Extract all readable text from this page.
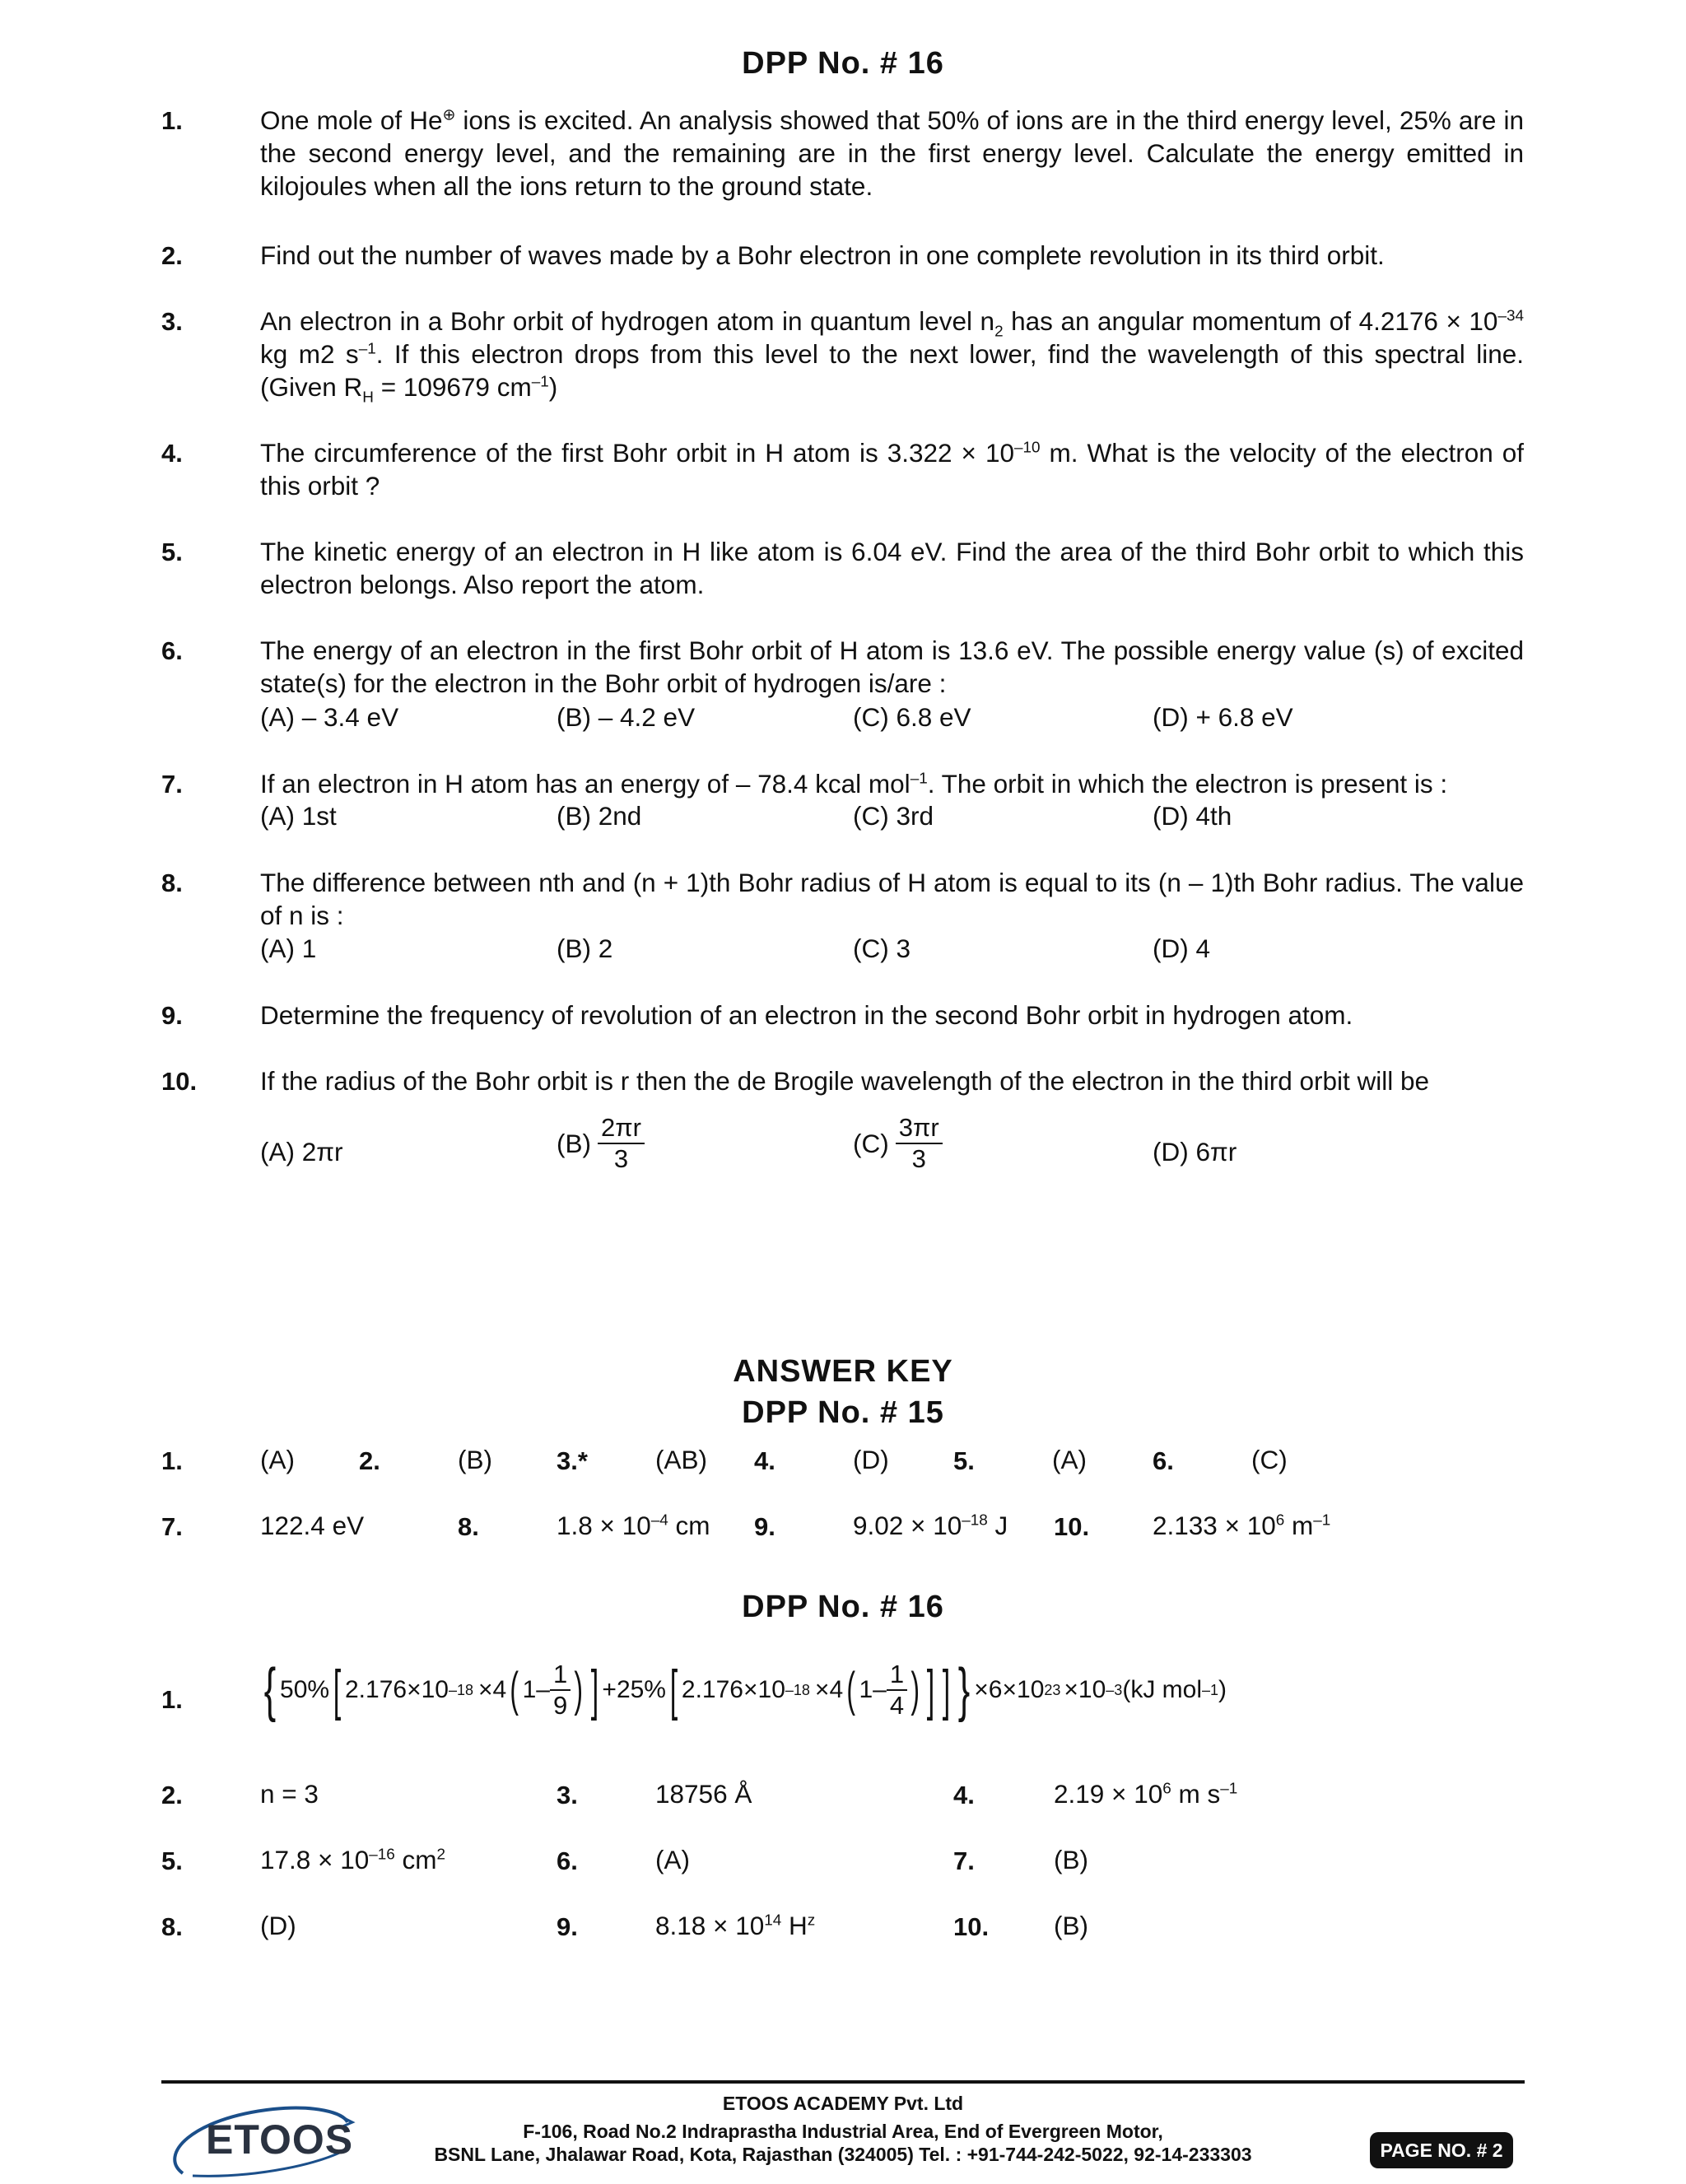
DPP No. # 16
1.	One mole of He⊕ ions is excited. An analysis showed that 50% of ions are in the third energy level, 25% are in the second energy level, and the remaining are in the first energy level. Calculate the energy emitted in kilojoules when all the ions return to the ground state.
2.	Find out the number of waves made by a Bohr electron in one complete revolution in its third orbit.
3.	An electron in a Bohr orbit of hydrogen atom in quantum level $n_2$ has an angular momentum of $4.2176 \times 10^{-34}$ kg m2 $s^{-1}$. If this electron drops from this level to the next lower, find the wavelength of this spectral line. (Given $R_H = 109679$ $cm^{-1}$)
4.	The circumference of the first Bohr orbit in H atom is $3.322 \times 10^{-10}$ m. What is the velocity of the electron of this orbit ?
5.	The kinetic energy of an electron in H like atom is 6.04 eV. Find the area of the third Bohr orbit to which this electron belongs. Also report the atom.
6.	The energy of an electron in the first Bohr orbit of H atom is 13.6 eV. The possible energy value (s) of excited state(s) for the electron in the Bohr orbit of hydrogen is/are :
(A) – 3.4 eV	(B) – 4.2 eV	(C) 6.8 eV	(D) + 6.8 eV
7.	If an electron in H atom has an energy of – 78.4 kcal mol$^{-1}$. The orbit in which the electron is present is :
(A) 1st	(B) 2nd	(C) 3rd	(D) 4th
8.	The difference between nth and (n + 1)th Bohr radius of H atom is equal to its (n – 1)th Bohr radius. The value of n is :
(A) 1	(B) 2	(C) 3	(D) 4
9.	Determine the frequency of revolution of an electron in the second Bohr orbit in hydrogen atom.
10. If the radius of the Bohr orbit is r then the de Brogile wavelength of the electron in the third orbit will be
(A) 2πr	$(B) \frac{2\pi r}{3}$	$(C) \frac{3\pi r}{3}$	(D) 6πr
ANSWER KEY
DPP No. # 15
1.	(A)	2.	(B)	3.*	(AB) 4.	(D)	5.	(A)	6.	(C)
7.	122.4 eV	8.	$1.8 \times 10^{-4}$ cm 9.	$9.02 \times 10^{-18}$ J 10. $2.133 \times 10^6$ $m^{-1}$
DPP No. # 16
1. { 50% [ 2.176 ×10 –18 ×4 ( $1- \frac{1}{9}$ ) ] +25% [ 2.176 ×10 –18 ×4 ( $1- \frac{1}{4}$ ) ] ] } ×6×10 23 ×10 –3 (kJ mol –1 )
2.	n = 3	3.	18756 Å	4.	$2.19 \times 10^6$ m $s^{-1}$
5.	$17.8 \times 10^{-16}$ $cm^2$	6.	(A)	7.	(B)
8.	(D)	9.	$8.18 \times 10^{14}$ $H^z$	10.	(B)
ETOOS
ETOOS ACADEMY Pvt. Ltd
F-106, Road No.2 Indraprastha Industrial Area, End of Evergreen Motor,
BSNL Lane, Jhalawar Road, Kota, Rajasthan (324005) Tel. : +91-744-242-5022, 92-14-233303	PAGE NO. # 2
